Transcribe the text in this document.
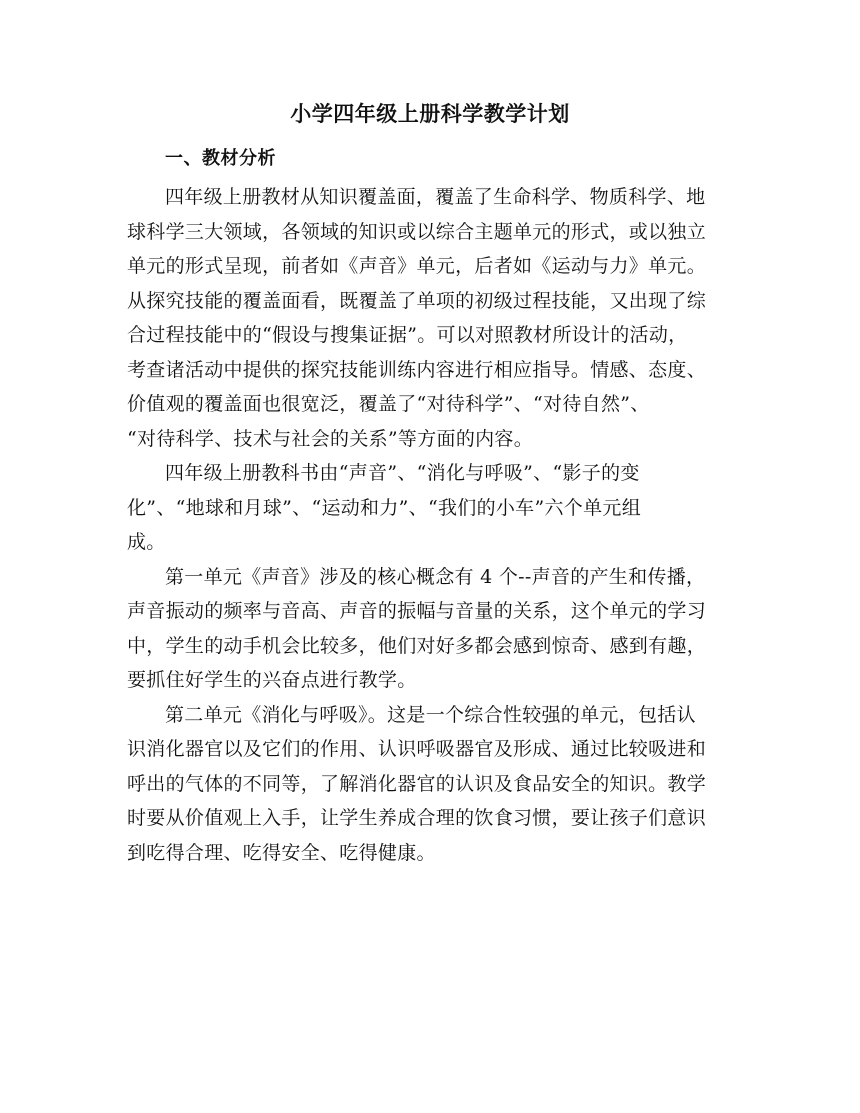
小学四年级上册科学教学计划
一、教材分析

四年级上册教材从知识覆盖面，覆盖了生命科学、物质科学、地
球科学三大领域，各领域的知识或以综合主题单元的形式，或以独立
单元的形式呈现，前者如《声音》单元，后者如《运动与力》单元。
从探究技能的覆盖面看，既覆盖了单项的初级过程技能，又出现了综
合过程技能中的“假设与搜集证据”。可以对照教材所设计的活动，
考查诸活动中提供的探究技能训练内容进行相应指导。情感、态度、
价值观的覆盖面也很宽泛，覆盖了“对待科学”、“对待自然”、
“对待科学、技术与社会的关系”等方面的内容。

四年级上册教科书由“声音”、“消化与呼吸”、“影子的变
化”、“地球和月球”、“运动和力”、“我们的小车”六个单元组
成。

第一单元《声音》涉及的核心概念有 4 个--声音的产生和传播，
声音振动的频率与音高、声音的振幅与音量的关系，这个单元的学习
中，学生的动手机会比较多，他们对好多都会感到惊奇、感到有趣，
要抓住好学生的兴奋点进行教学。

第二单元《消化与呼吸》。这是一个综合性较强的单元，包括认
识消化器官以及它们的作用、认识呼吸器官及形成、通过比较吸进和
呼出的气体的不同等，了解消化器官的认识及食品安全的知识。教学
时要从价值观上入手，让学生养成合理的饮食习惯，要让孩子们意识
到吃得合理、吃得安全、吃得健康。
